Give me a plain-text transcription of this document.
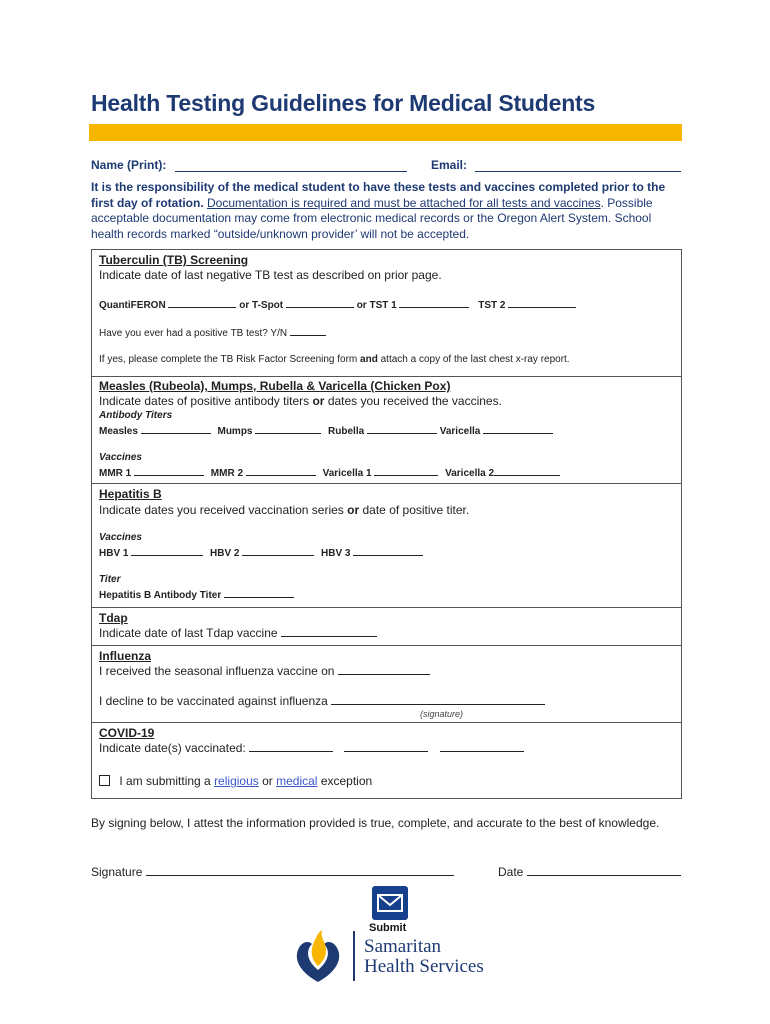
Health Testing Guidelines for Medical Students
Name (Print):	Email:
It is the responsibility of the medical student to have these tests and vaccines completed prior to the first day of rotation. Documentation is required and must be attached for all tests and vaccines. Possible acceptable documentation may come from electronic medical records or the Oregon Alert System. School health records marked “outside/unknown provider’ will not be accepted.
Tuberculin (TB) Screening
Indicate date of last negative TB test as described on prior page.
QuantiFERON	or T-Spot	or TST 1	TST 2
Have you ever had a positive TB test? Y/N
If yes, please complete the TB Risk Factor Screening form and attach a copy of the last chest x-ray report.
Measles (Rubeola), Mumps, Rubella & Varicella (Chicken Pox)
Indicate dates of positive antibody titers or dates you received the vaccines.
Antibody Titers
Measles	Mumps	Rubella	Varicella
Vaccines
MMR 1	MMR 2	Varicella 1	Varicella 2
Hepatitis B
Indicate dates you received vaccination series or date of positive titer.
Vaccines
HBV 1	HBV 2	HBV 3
Titer
Hepatitis B Antibody Titer
Tdap
Indicate date of last Tdap vaccine
Influenza
I received the seasonal influenza vaccine on
I decline to be vaccinated against influenza
(signature)
COVID-19
Indicate date(s) vaccinated:
I am submitting a religious or medical exception
By signing below, I attest the information provided is true, complete, and accurate to the best of knowledge.
Signature	Date
Submit
Samaritan
Health Services
